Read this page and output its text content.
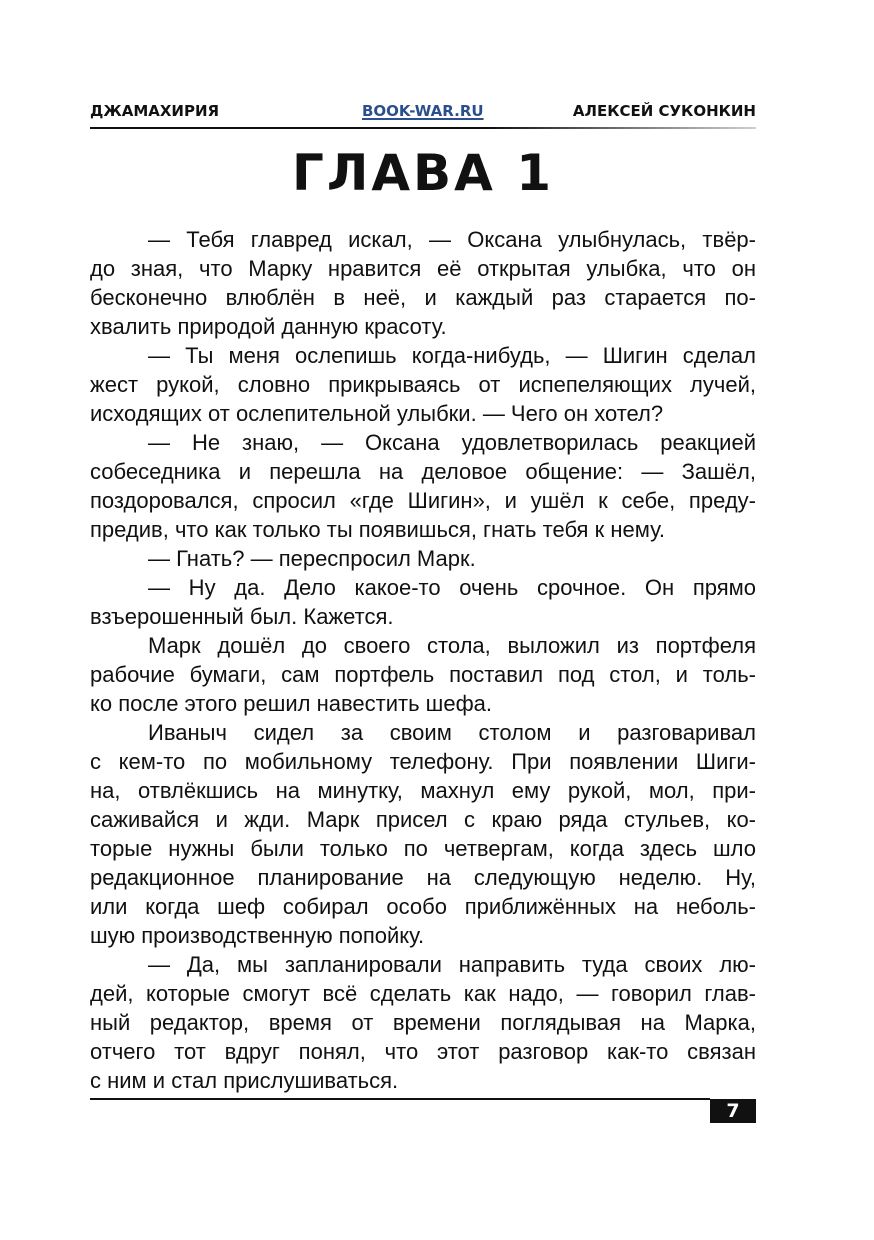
ДЖАМАХИРИЯ	BOOK-WAR.RU	АЛЕКСЕЙ СУКОНКИН
ГЛАВА 1
— Тебя главред искал, — Оксана улыбнулась, твёр-
до зная, что Марку нравится её открытая улыбка, что он
бесконечно влюблён в неё, и каждый раз старается по-
хвалить природой данную красоту.
— Ты меня ослепишь когда-нибудь, — Шигин сделал
жест рукой, словно прикрываясь от испепеляющих лучей,
исходящих от ослепительной улыбки. — Чего он хотел?
— Не знаю, — Оксана удовлетворилась реакцией
собеседника и перешла на деловое общение: — Зашёл,
поздоровался, спросил «где Шигин», и ушёл к себе, преду-
предив, что как только ты появишься, гнать тебя к нему.
— Гнать? — переспросил Марк.
— Ну да. Дело какое-то очень срочное. Он прямо
взъерошенный был. Кажется.
Марк дошёл до своего стола, выложил из портфеля
рабочие бумаги, сам портфель поставил под стол, и толь-
ко после этого решил навестить шефа.
Иваныч сидел за своим столом и разговаривал
с кем-то по мобильному телефону. При появлении Шиги-
на, отвлёкшись на минутку, махнул ему рукой, мол, при-
саживайся и жди. Марк присел с краю ряда стульев, ко-
торые нужны были только по четвергам, когда здесь шло
редакционное планирование на следующую неделю. Ну,
или когда шеф собирал особо приближённых на неболь-
шую производственную попойку.
— Да, мы запланировали направить туда своих лю-
дей, которые смогут всё сделать как надо, — говорил глав-
ный редактор, время от времени поглядывая на Марка,
отчего тот вдруг понял, что этот разговор как-то связан
с ним и стал прислушиваться.
7
